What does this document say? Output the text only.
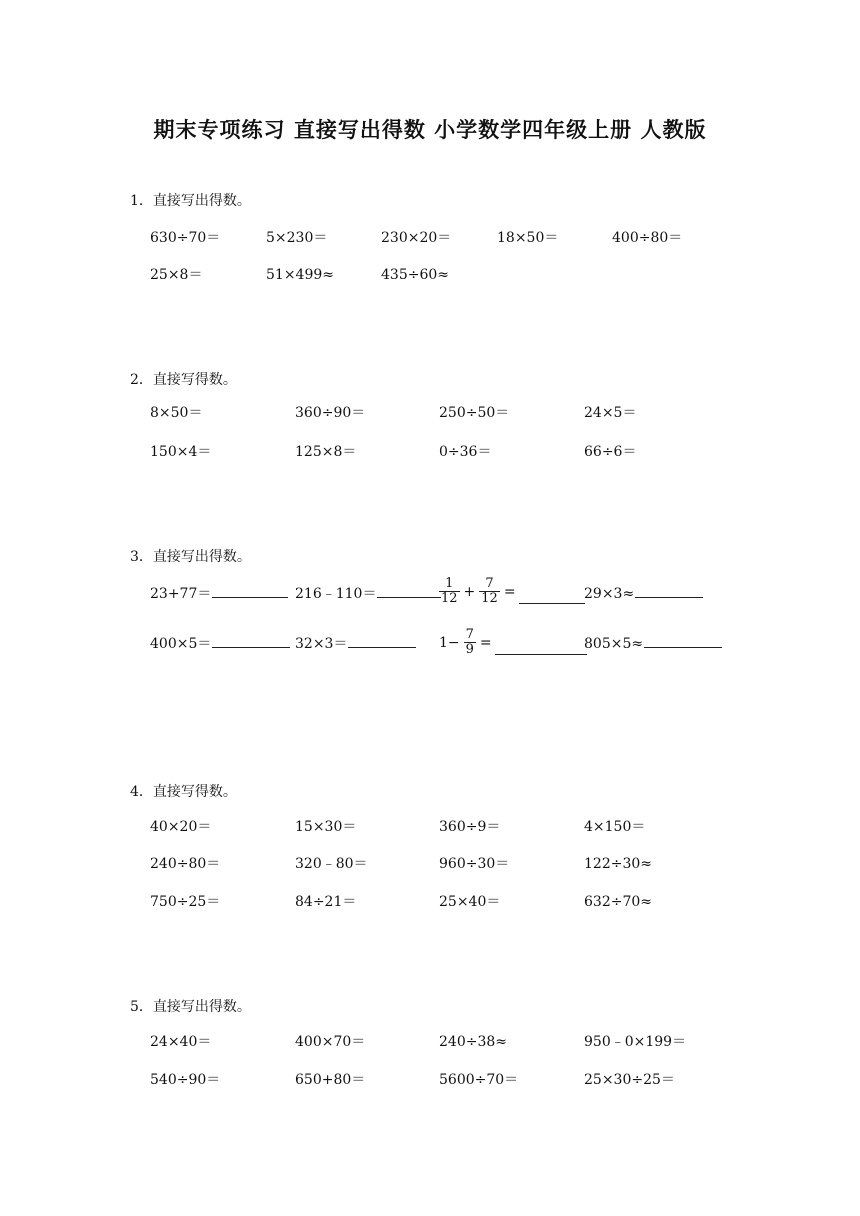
期末专项练习 直接写出得数 小学数学四年级上册 人教版
1．直接写出得数。
630÷70＝	5×230＝	230×20＝	18×50＝	400÷80＝
25×8＝	51×499≈	435÷60≈
2．直接写得数。
8×50＝	360÷90＝	250÷50＝	24×5＝
150×4＝	125×8＝	0÷36＝	66÷6＝
3．直接写出得数。
23+77＝	216﹣110＝	$\frac{1}{12} + \frac{7}{12}$ =	29×3≈
400×5＝	32×3＝	$1- \frac{7}{9}$ =	805×5≈
4．直接写得数。
40×20＝	15×30＝	360÷9＝	4×150＝
240÷80＝	320﹣80＝	960÷30＝	122÷30≈
750÷25＝	84÷21＝	25×40＝	632÷70≈
5．直接写出得数。
24×40＝	400×70＝	240÷38≈	950﹣0×199＝
540÷90＝	650+80＝	5600÷70＝	25×30÷25＝
